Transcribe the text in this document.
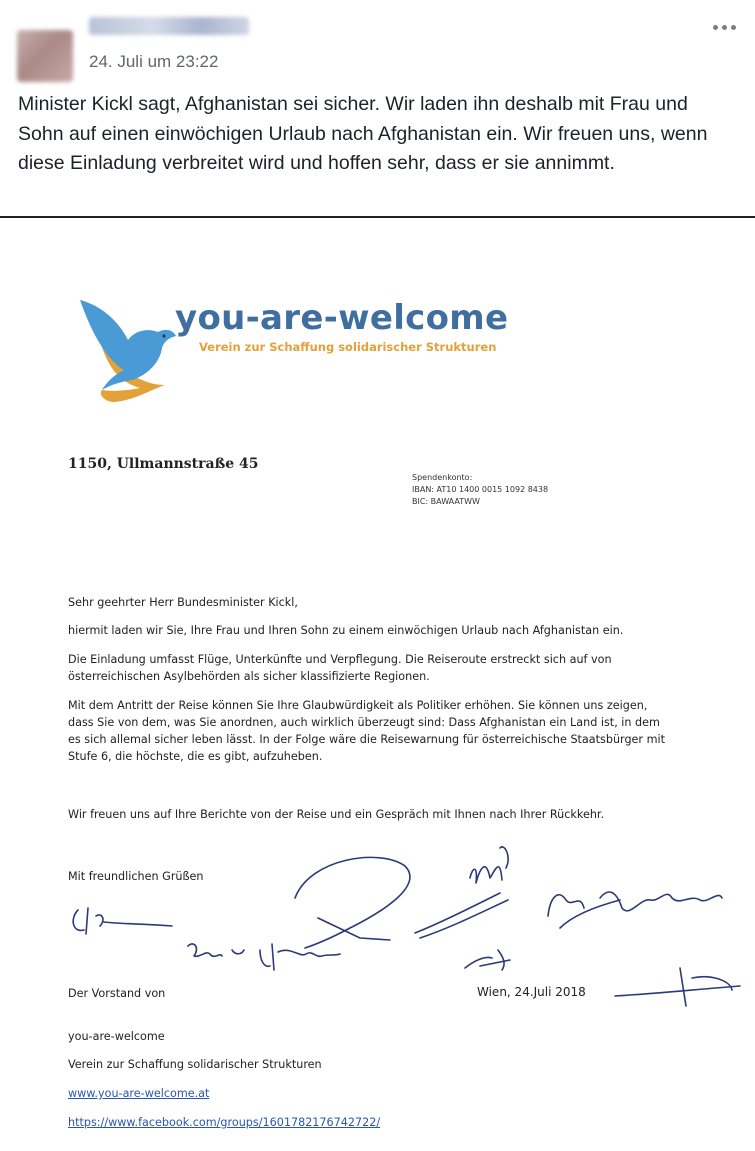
24. Juli um 23:22
Minister Kickl sagt, Afghanistan sei sicher. Wir laden ihn deshalb mit Frau und Sohn auf einen einwöchigen Urlaub nach Afghanistan ein. Wir freuen uns, wenn diese Einladung verbreitet wird und hoffen sehr, dass er sie annimmt.
you-are-welcome
Verein zur Schaffung solidarischer Strukturen
1150, Ullmannstraße 45
Spendenkonto:
IBAN: AT10 1400 0015 1092 8438
BIC: BAWAATWW
Sehr geehrter Herr Bundesminister Kickl,
hiermit laden wir Sie, Ihre Frau und Ihren Sohn zu einem einwöchigen Urlaub nach Afghanistan ein.
Die Einladung umfasst Flüge, Unterkünfte und Verpflegung. Die Reiseroute erstreckt sich auf von österreichischen Asylbehörden als sicher klassifizierte Regionen.
Mit dem Antritt der Reise können Sie Ihre Glaubwürdigkeit als Politiker erhöhen. Sie können uns zeigen, dass Sie von dem, was Sie anordnen, auch wirklich überzeugt sind: Dass Afghanistan ein Land ist, in dem es sich allemal sicher leben lässt. In der Folge wäre die Reisewarnung für österreichische Staatsbürger mit Stufe 6, die höchste, die es gibt, aufzuheben.
Wir freuen uns auf Ihre Berichte von der Reise und ein Gespräch mit Ihnen nach Ihrer Rückkehr.
Mit freundlichen Grüßen
Der Vorstand von	Wien, 24.Juli 2018
you-are-welcome
Verein zur Schaffung solidarischer Strukturen
www.you-are-welcome.at
https://www.facebook.com/groups/1601782176742722/
